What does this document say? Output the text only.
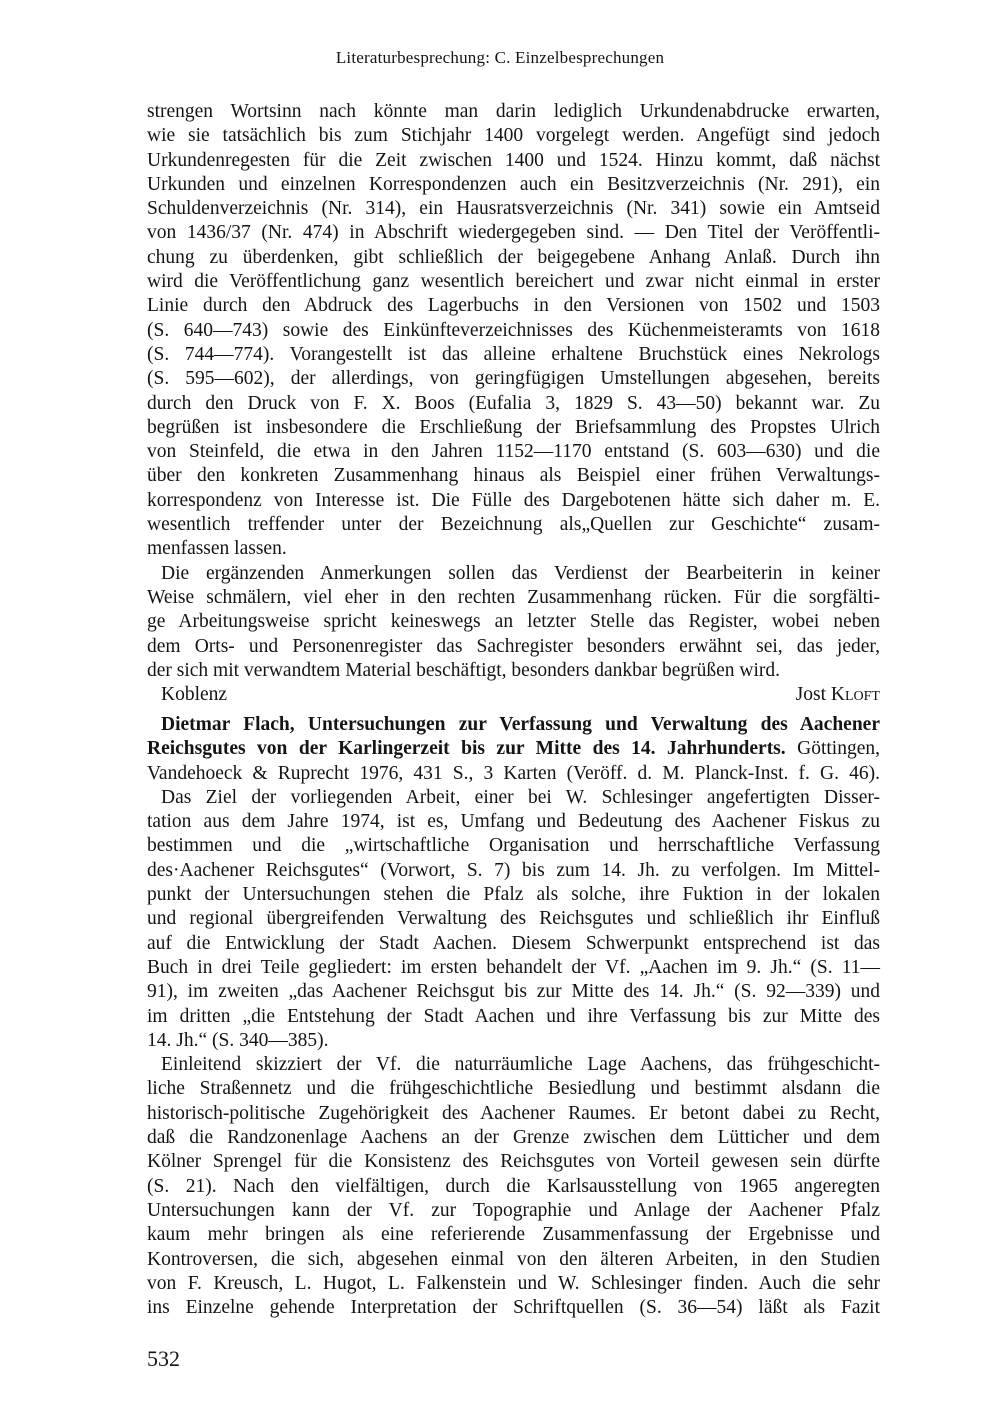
Literaturbesprechung: C. Einzelbesprechungen
strengen Wortsinn nach könnte man darin lediglich Urkundenabdrucke erwarten,
wie sie tatsächlich bis zum Stichjahr 1400 vorgelegt werden. Angefügt sind jedoch
Urkundenregesten für die Zeit zwischen 1400 und 1524. Hinzu kommt, daß nächst
Urkunden und einzelnen Korrespondenzen auch ein Besitzverzeichnis (Nr. 291), ein
Schuldenverzeichnis (Nr. 314), ein Hausratsverzeichnis (Nr. 341) sowie ein Amtseid
von 1436/37 (Nr. 474) in Abschrift wiedergegeben sind. — Den Titel der Veröffentli-
chung zu überdenken, gibt schließlich der beigegebene Anhang Anlaß. Durch ihn
wird die Veröffentlichung ganz wesentlich bereichert und zwar nicht einmal in erster
Linie durch den Abdruck des Lagerbuchs in den Versionen von 1502 und 1503
(S. 640—743) sowie des Einkünfteverzeichnisses des Küchenmeisteramts von 1618
(S. 744—774). Vorangestellt ist das alleine erhaltene Bruchstück eines Nekrologs
(S. 595—602), der allerdings, von geringfügigen Umstellungen abgesehen, bereits
durch den Druck von F. X. Boos (Eufalia 3, 1829 S. 43—50) bekannt war. Zu
begrüßen ist insbesondere die Erschließung der Briefsammlung des Propstes Ulrich
von Steinfeld, die etwa in den Jahren 1152—1170 entstand (S. 603—630) und die
über den konkreten Zusammenhang hinaus als Beispiel einer frühen Verwaltungs-
korrespondenz von Interesse ist. Die Fülle des Dargebotenen hätte sich daher m. E.
wesentlich treffender unter der Bezeichnung als„Quellen zur Geschichte“ zusam-
menfassen lassen.
Die ergänzenden Anmerkungen sollen das Verdienst der Bearbeiterin in keiner
Weise schmälern, viel eher in den rechten Zusammenhang rücken. Für die sorgfälti-
ge Arbeitungsweise spricht keineswegs an letzter Stelle das Register, wobei neben
dem Orts- und Personenregister das Sachregister besonders erwähnt sei, das jeder,
der sich mit verwandtem Material beschäftigt, besonders dankbar begrüßen wird.
Koblenz	Jost Kloft
Dietmar Flach, Untersuchungen zur Verfassung und Verwaltung des Aachener
Reichsgutes von der Karlingerzeit bis zur Mitte des 14. Jahrhunderts. Göttingen,
Vandehoeck & Ruprecht 1976, 431 S., 3 Karten (Veröff. d. M. Planck-Inst. f. G. 46).
Das Ziel der vorliegenden Arbeit, einer bei W. Schlesinger angefertigten Disser-
tation aus dem Jahre 1974, ist es, Umfang und Bedeutung des Aachener Fiskus zu
bestimmen und die „wirtschaftliche Organisation und herrschaftliche Verfassung
des·Aachener Reichsgutes“ (Vorwort, S. 7) bis zum 14. Jh. zu verfolgen. Im Mittel-
punkt der Untersuchungen stehen die Pfalz als solche, ihre Fuktion in der lokalen
und regional übergreifenden Verwaltung des Reichsgutes und schließlich ihr Einfluß
auf die Entwicklung der Stadt Aachen. Diesem Schwerpunkt entsprechend ist das
Buch in drei Teile gegliedert: im ersten behandelt der Vf. „Aachen im 9. Jh.“ (S. 11—
91), im zweiten „das Aachener Reichsgut bis zur Mitte des 14. Jh.“ (S. 92—339) und
im dritten „die Entstehung der Stadt Aachen und ihre Verfassung bis zur Mitte des
14. Jh.“ (S. 340—385).
Einleitend skizziert der Vf. die naturräumliche Lage Aachens, das frühgeschicht-
liche Straßennetz und die frühgeschichtliche Besiedlung und bestimmt alsdann die
historisch-politische Zugehörigkeit des Aachener Raumes. Er betont dabei zu Recht,
daß die Randzonenlage Aachens an der Grenze zwischen dem Lütticher und dem
Kölner Sprengel für die Konsistenz des Reichsgutes von Vorteil gewesen sein dürfte
(S. 21). Nach den vielfältigen, durch die Karlsausstellung von 1965 angeregten
Untersuchungen kann der Vf. zur Topographie und Anlage der Aachener Pfalz
kaum mehr bringen als eine referierende Zusammenfassung der Ergebnisse und
Kontroversen, die sich, abgesehen einmal von den älteren Arbeiten, in den Studien
von F. Kreusch, L. Hugot, L. Falkenstein und W. Schlesinger finden. Auch die sehr
ins Einzelne gehende Interpretation der Schriftquellen (S. 36—54) läßt als Fazit
532
